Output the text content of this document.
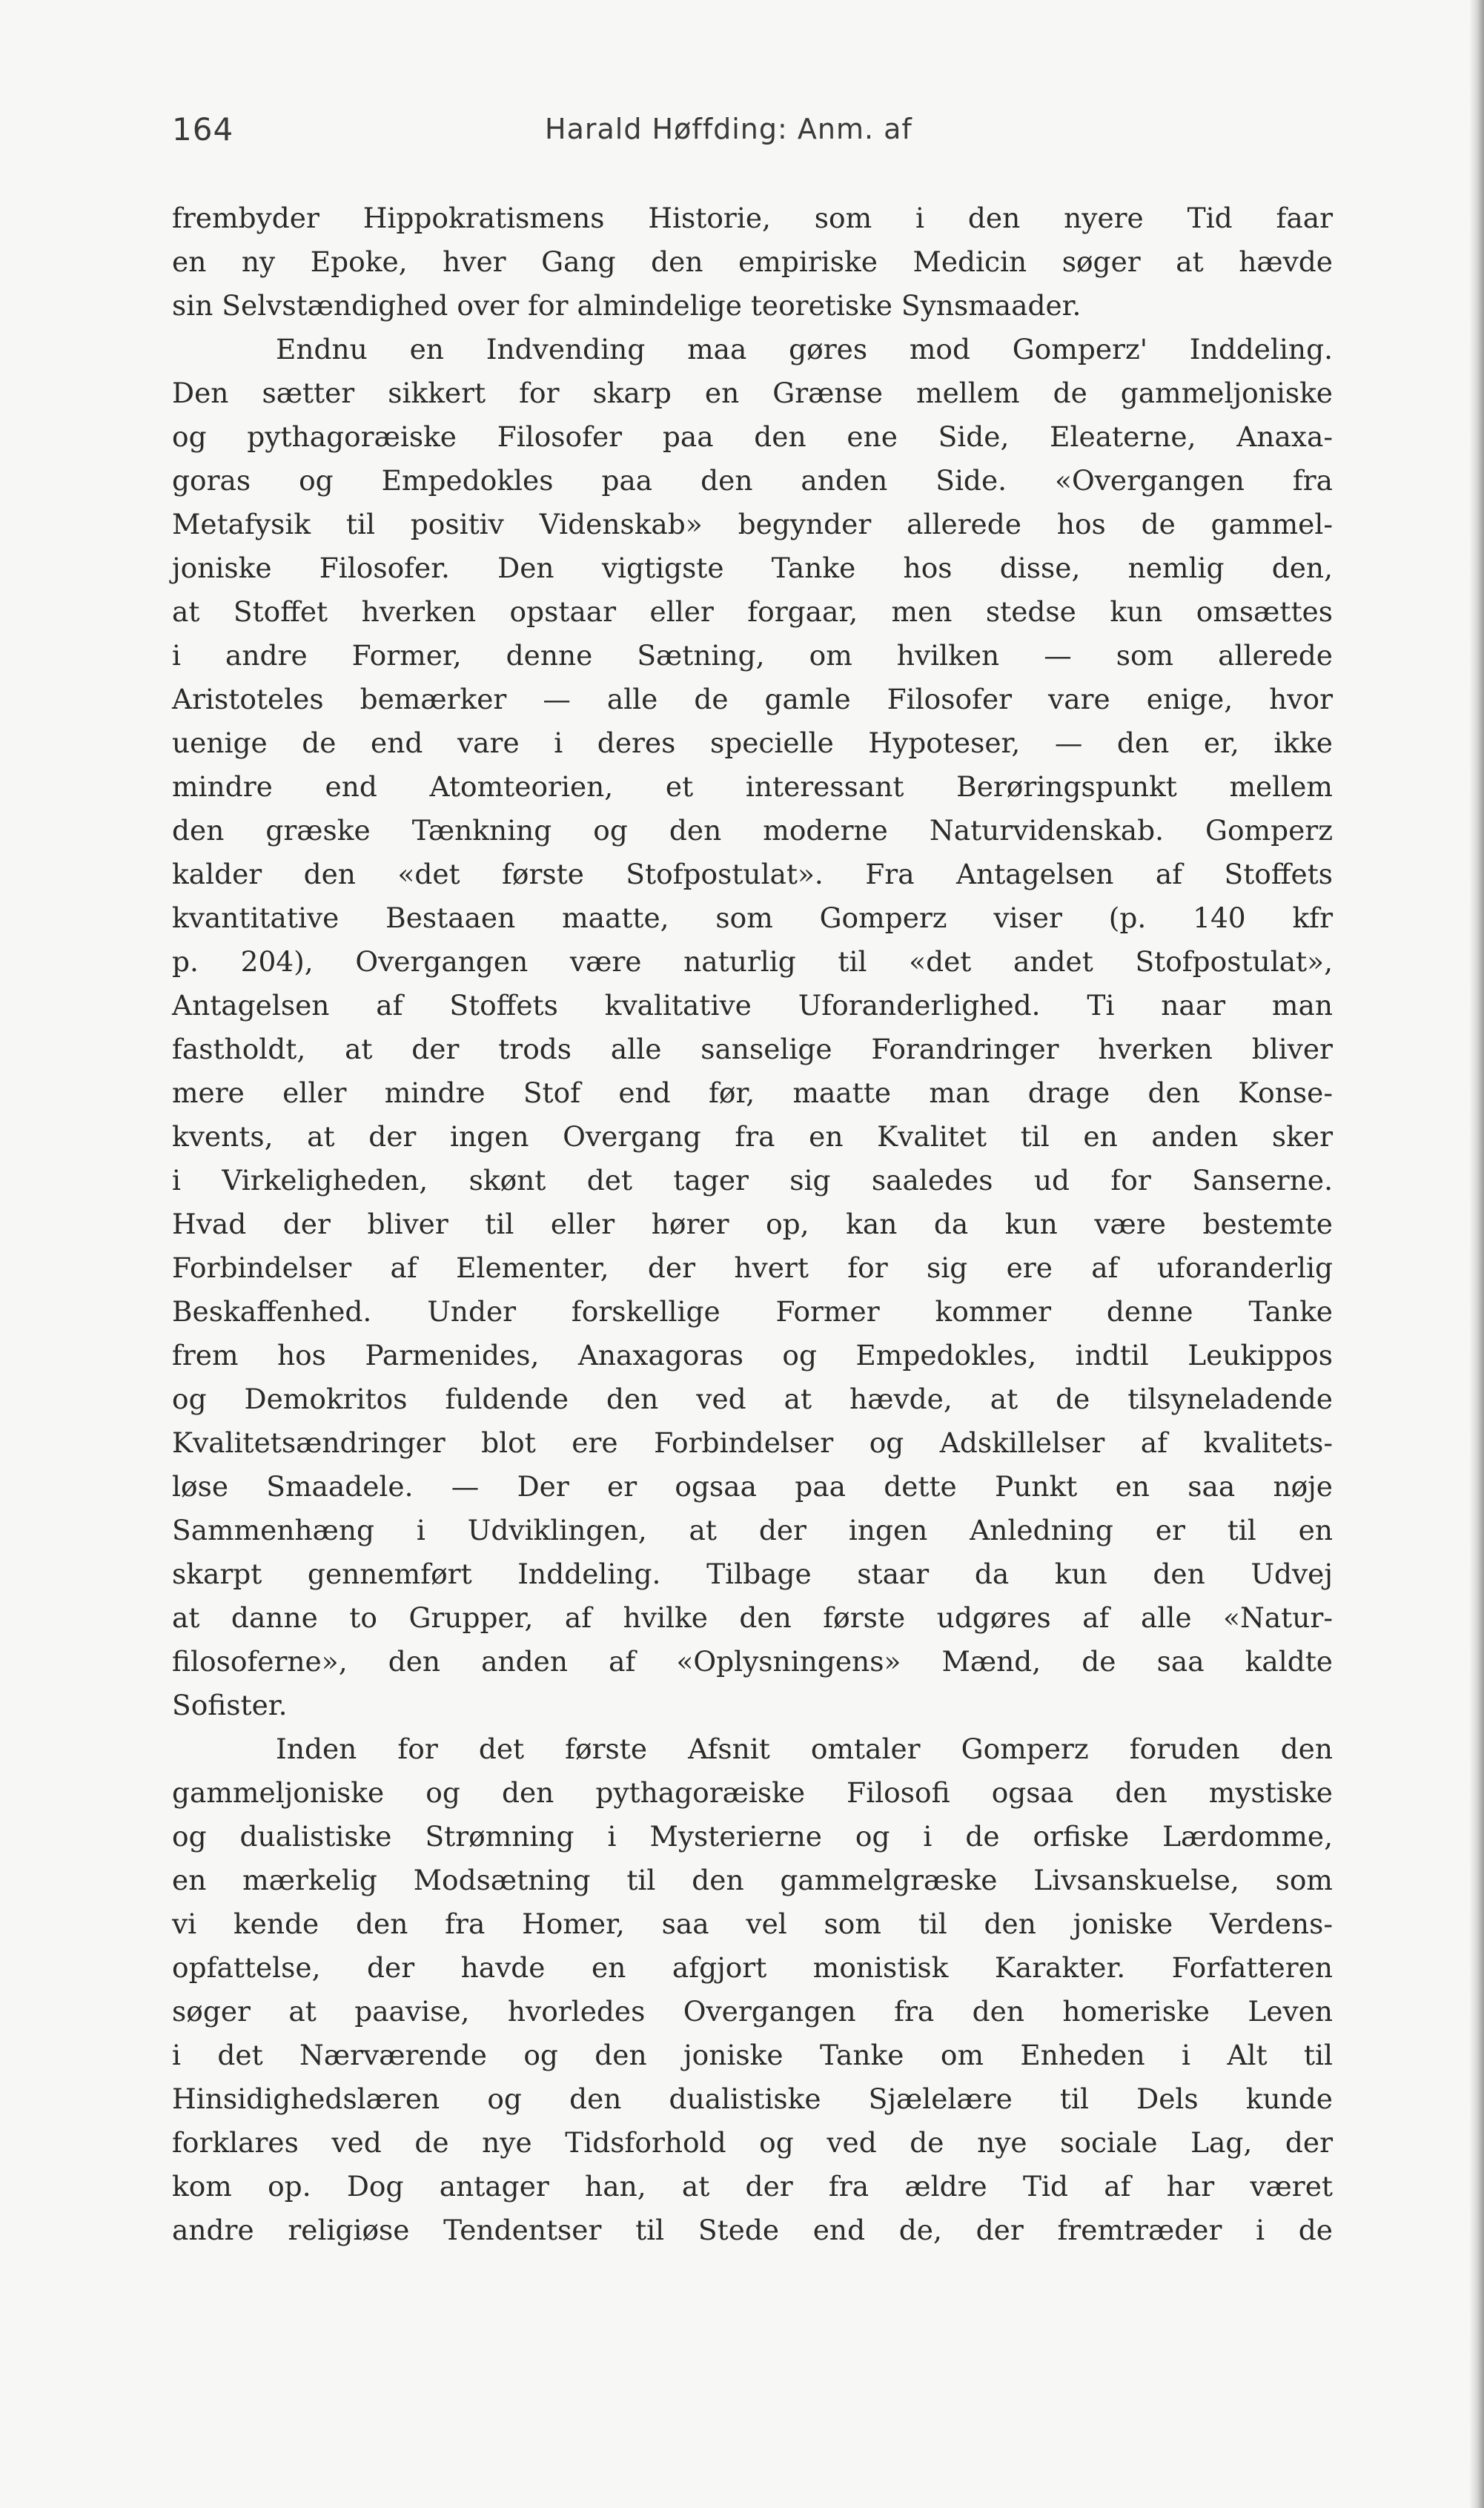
164	Harald Høffding: Anm. af
frembyder Hippokratismens Historie, som i den nyere Tid faar
en ny Epoke, hver Gang den empiriske Medicin søger at hævde
sin Selvstændighed over for almindelige teoretiske Synsmaader.
Endnu en Indvending maa gøres mod Gomperz' Inddeling.
Den sætter sikkert for skarp en Grænse mellem de gammeljoniske
og pythagoræiske Filosofer paa den ene Side, Eleaterne, Anaxa-
goras og Empedokles paa den anden Side. «Overgangen fra
Metafysik til positiv Videnskab» begynder allerede hos de gammel-
joniske Filosofer. Den vigtigste Tanke hos disse, nemlig den,
at Stoffet hverken opstaar eller forgaar, men stedse kun omsættes
i andre Former, denne Sætning, om hvilken — som allerede
Aristoteles bemærker — alle de gamle Filosofer vare enige, hvor
uenige de end vare i deres specielle Hypoteser, — den er, ikke
mindre end Atomteorien, et interessant Berøringspunkt mellem
den græske Tænkning og den moderne Naturvidenskab. Gomperz
kalder den «det første Stofpostulat». Fra Antagelsen af Stoffets
kvantitative Bestaaen maatte, som Gomperz viser (p. 140 kfr
p. 204), Overgangen være naturlig til «det andet Stofpostulat»,
Antagelsen af Stoffets kvalitative Uforanderlighed. Ti naar man
fastholdt, at der trods alle sanselige Forandringer hverken bliver
mere eller mindre Stof end før, maatte man drage den Konse-
kvents, at der ingen Overgang fra en Kvalitet til en anden sker
i Virkeligheden, skønt det tager sig saaledes ud for Sanserne.
Hvad der bliver til eller hører op, kan da kun være bestemte
Forbindelser af Elementer, der hvert for sig ere af uforanderlig
Beskaffenhed. Under forskellige Former kommer denne Tanke
frem hos Parmenides, Anaxagoras og Empedokles, indtil Leukippos
og Demokritos fuldende den ved at hævde, at de tilsyneladende
Kvalitetsændringer blot ere Forbindelser og Adskillelser af kvalitets-
løse Smaadele. — Der er ogsaa paa dette Punkt en saa nøje
Sammenhæng i Udviklingen, at der ingen Anledning er til en
skarpt gennemført Inddeling. Tilbage staar da kun den Udvej
at danne to Grupper, af hvilke den første udgøres af alle «Natur-
filosoferne», den anden af «Oplysningens» Mænd, de saa kaldte
Sofister.
Inden for det første Afsnit omtaler Gomperz foruden den
gammeljoniske og den pythagoræiske Filosofi ogsaa den mystiske
og dualistiske Strømning i Mysterierne og i de orfiske Lærdomme,
en mærkelig Modsætning til den gammelgræske Livsanskuelse, som
vi kende den fra Homer, saa vel som til den joniske Verdens-
opfattelse, der havde en afgjort monistisk Karakter. Forfatteren
søger at paavise, hvorledes Overgangen fra den homeriske Leven
i det Nærværende og den joniske Tanke om Enheden i Alt til
Hinsidighedslæren og den dualistiske Sjælelære til Dels kunde
forklares ved de nye Tidsforhold og ved de nye sociale Lag, der
kom op. Dog antager han, at der fra ældre Tid af har været
andre religiøse Tendentser til Stede end de, der fremtræder i de
